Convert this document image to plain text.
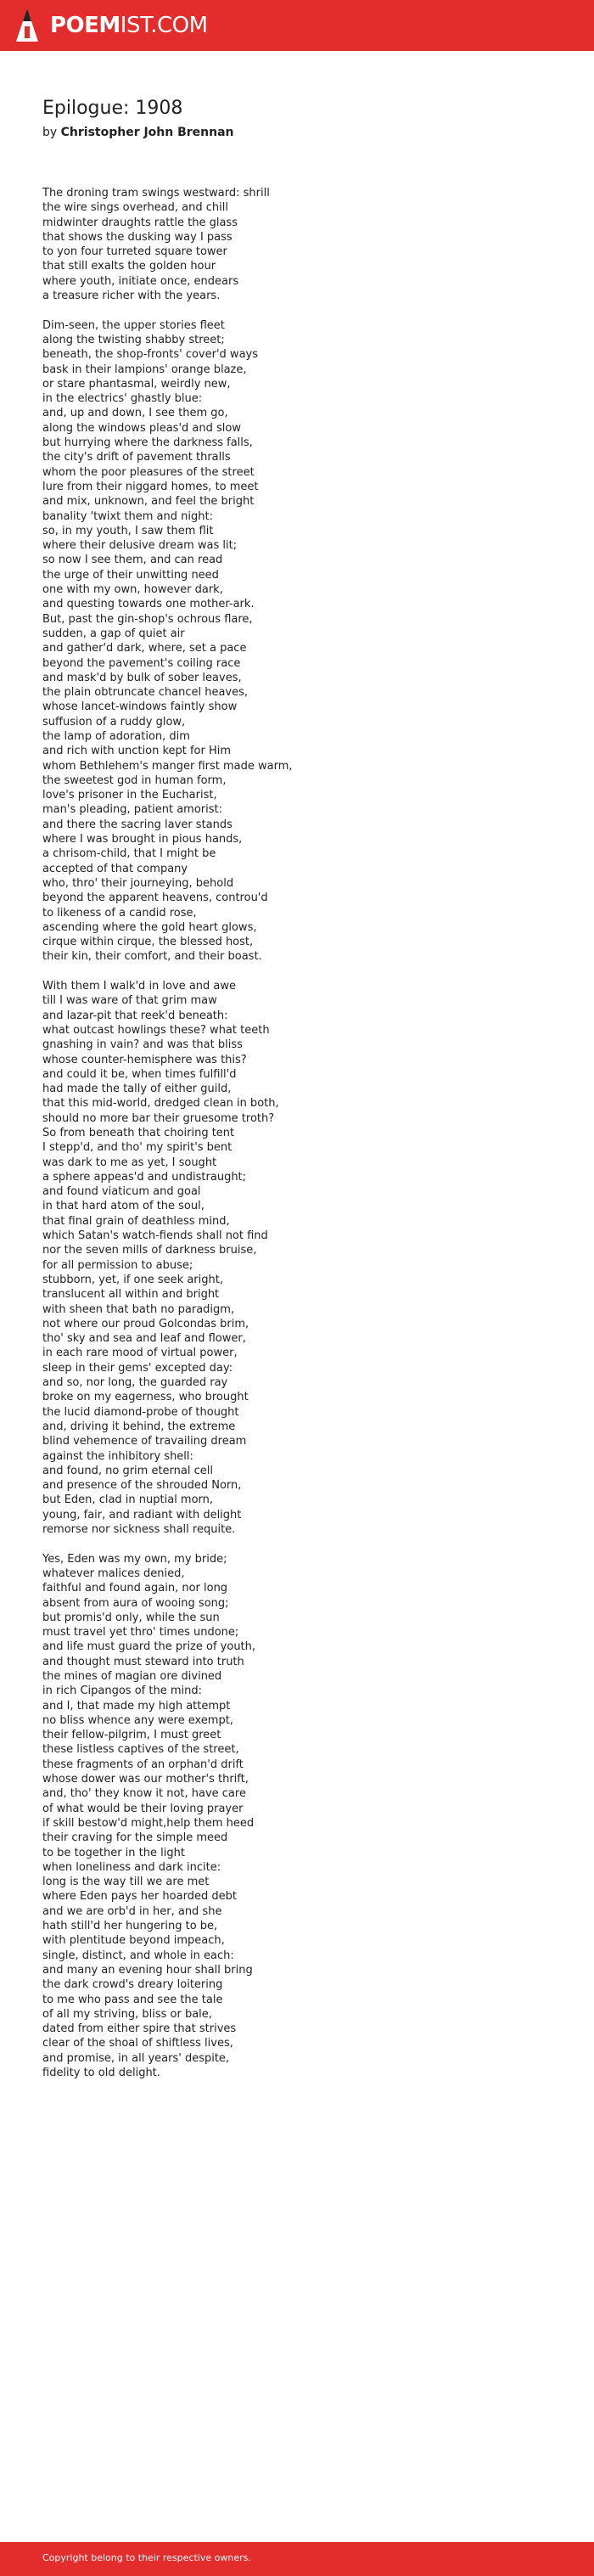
POEMIST.COM
Epilogue: 1908
by Christopher John Brennan
The droning tram swings westward: shrill
the wire sings overhead, and chill
midwinter draughts rattle the glass
that shows the dusking way I pass
to yon four turreted square tower
that still exalts the golden hour
where youth, initiate once, endears
a treasure richer with the years.
Dim-seen, the upper stories fleet
along the twisting shabby street;
beneath, the shop-fronts' cover'd ways
bask in their lampions' orange blaze,
or stare phantasmal, weirdly new,
in the electrics' ghastly blue:
and, up and down, I see them go,
along the windows pleas'd and slow
but hurrying where the darkness falls,
the city's drift of pavement thralls
whom the poor pleasures of the street
lure from their niggard homes, to meet
and mix, unknown, and feel the bright
banality 'twixt them and night:
so, in my youth, I saw them flit
where their delusive dream was lit;
so now I see them, and can read
the urge of their unwitting need
one with my own, however dark,
and questing towards one mother-ark.
But, past the gin-shop's ochrous flare,
sudden, a gap of quiet air
and gather'd dark, where, set a pace
beyond the pavement's coiling race
and mask'd by bulk of sober leaves,
the plain obtruncate chancel heaves,
whose lancet-windows faintly show
suffusion of a ruddy glow,
the lamp of adoration, dim
and rich with unction kept for Him
whom Bethlehem's manger first made warm,
the sweetest god in human form,
love's prisoner in the Eucharist,
man's pleading, patient amorist:
and there the sacring laver stands
where I was brought in pious hands,
a chrisom-child, that I might be
accepted of that company
who, thro' their journeying, behold
beyond the apparent heavens, controu'd
to likeness of a candid rose,
ascending where the gold heart glows,
cirque within cirque, the blessed host,
their kin, their comfort, and their boast.
With them I walk'd in love and awe
till I was ware of that grim maw
and lazar-pit that reek'd beneath:
what outcast howlings these? what teeth
gnashing in vain? and was that bliss
whose counter-hemisphere was this?
and could it be, when times fulfill'd
had made the tally of either guild,
that this mid-world, dredged clean in both,
should no more bar their gruesome troth?
So from beneath that choiring tent
I stepp'd, and tho' my spirit's bent
was dark to me as yet, I sought
a sphere appeas'd and undistraught;
and found viaticum and goal
in that hard atom of the soul,
that final grain of deathless mind,
which Satan's watch-fiends shall not find
nor the seven mills of darkness bruise,
for all permission to abuse;
stubborn, yet, if one seek aright,
translucent all within and bright
with sheen that bath no paradigm,
not where our proud Golcondas brim,
tho' sky and sea and leaf and flower,
in each rare mood of virtual power,
sleep in their gems' excepted day:
and so, nor long, the guarded ray
broke on my eagerness, who brought
the lucid diamond-probe of thought
and, driving it behind, the extreme
blind vehemence of travailing dream
against the inhibitory shell:
and found, no grim eternal cell
and presence of the shrouded Norn,
but Eden, clad in nuptial morn,
young, fair, and radiant with delight
remorse nor sickness shall requite.
Yes, Eden was my own, my bride;
whatever malices denied,
faithful and found again, nor long
absent from aura of wooing song;
but promis'd only, while the sun
must travel yet thro' times undone;
and life must guard the prize of youth,
and thought must steward into truth
the mines of magian ore divined
in rich Cipangos of the mind:
and I, that made my high attempt
no bliss whence any were exempt,
their fellow-pilgrim, I must greet
these listless captives of the street,
these fragments of an orphan'd drift
whose dower was our mother's thrift,
and, tho' they know it not, have care
of what would be their loving prayer
if skill bestow'd might,help them heed
their craving for the simple meed
to be together in the light
when loneliness and dark incite:
long is the way till we are met
where Eden pays her hoarded debt
and we are orb'd in her, and she
hath still'd her hungering to be,
with plentitude beyond impeach,
single, distinct, and whole in each:
and many an evening hour shall bring
the dark crowd's dreary loitering
to me who pass and see the tale
of all my striving, bliss or bale,
dated from either spire that strives
clear of the shoal of shiftless lives,
and promise, in all years' despite,
fidelity to old delight.
Copyright belong to their respective owners.
